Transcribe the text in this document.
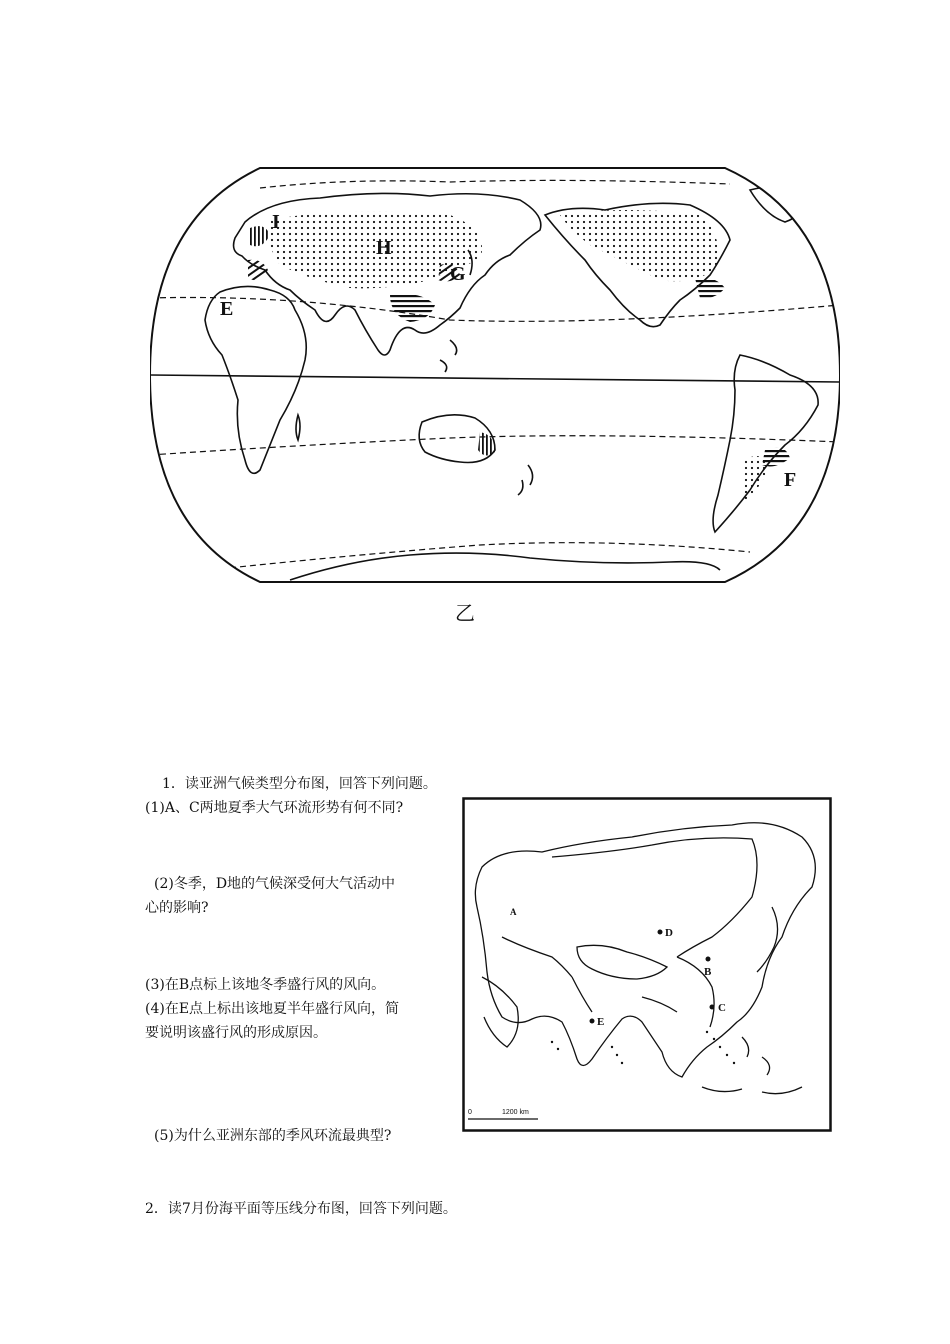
I
H
G
E
F
乙
1．读亚洲气候类型分布图，回答下列问题。
(1)A、C两地夏季大气环流形势有何不同?
(2)冬季，D地的气候深受何大气活动中
心的影响?
(3)在B点标上该地冬季盛行风的风向。
(4)在E点上标出该地夏半年盛行风向，简
要说明该盛行风的形成原因。
(5)为什么亚洲东部的季风环流最典型?
D
B
C
E
A
0	1200 km
2．读7月份海平面等压线分布图，回答下列问题。
